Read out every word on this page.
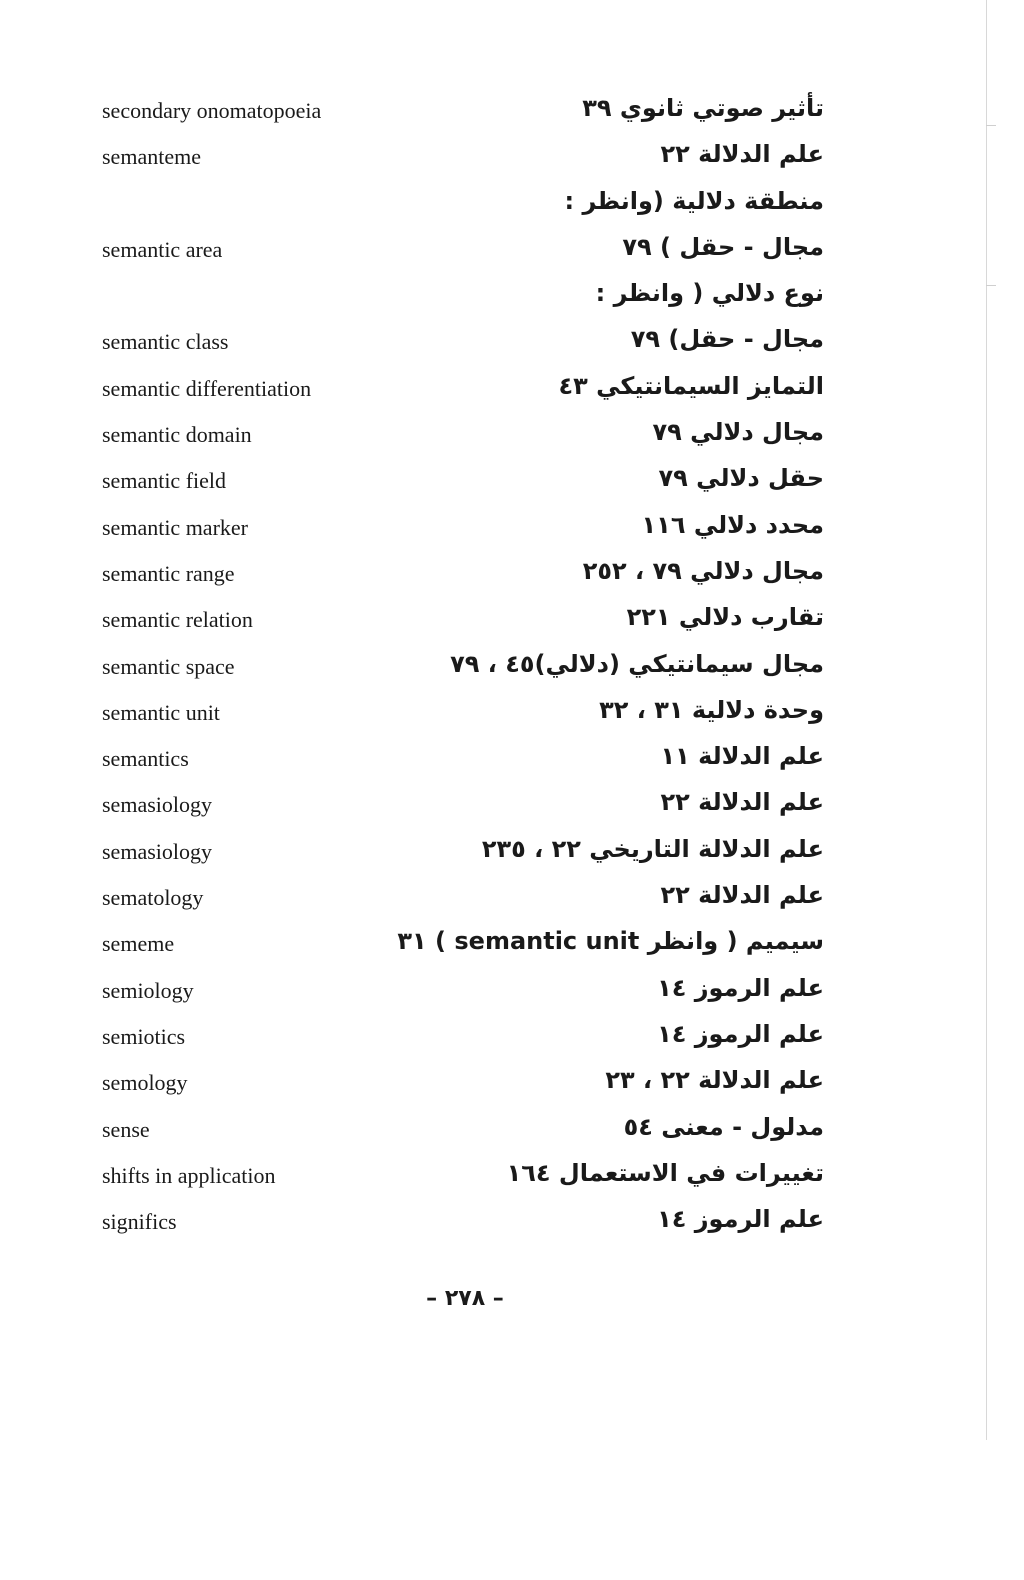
secondary onomatopoeia	تأثير صوتي ثانوي ٣٩
semanteme	علم الدلالة ٢٢
منطقة دلالية (وانظر :
semantic area	مجال - حقل ) ٧٩
نوع دلالي ( وانظر :
semantic class	مجال - حقل) ٧٩
semantic differentiation	التمايز السيمانتيكي ٤٣
semantic domain	مجال دلالي ٧٩
semantic field	حقل دلالي ٧٩
semantic marker	محدد دلالي ١١٦
semantic range	مجال دلالي ٧٩ ، ٢٥٢
semantic relation	تقارب دلالي ٢٢١
semantic space	مجال سيمانتيكي (دلالي)٤٥ ، ٧٩
semantic unit	وحدة دلالية ٣١ ، ٣٢
semantics	علم الدلالة ١١
semasiology	علم الدلالة ٢٢
semasiology	علم الدلالة التاريخي ٢٢ ، ٢٣٥
sematology	علم الدلالة ٢٢
sememe	سيميم ( وانظر semantic unit ) ٣١
semiology	علم الرموز ١٤
semiotics	علم الرموز ١٤
semology	علم الدلالة ٢٢ ، ٢٣
sense	مدلول - معنى ٥٤
shifts in application	تغييرات في الاستعمال ١٦٤
significs	علم الرموز ١٤
– ٢٧٨ –
